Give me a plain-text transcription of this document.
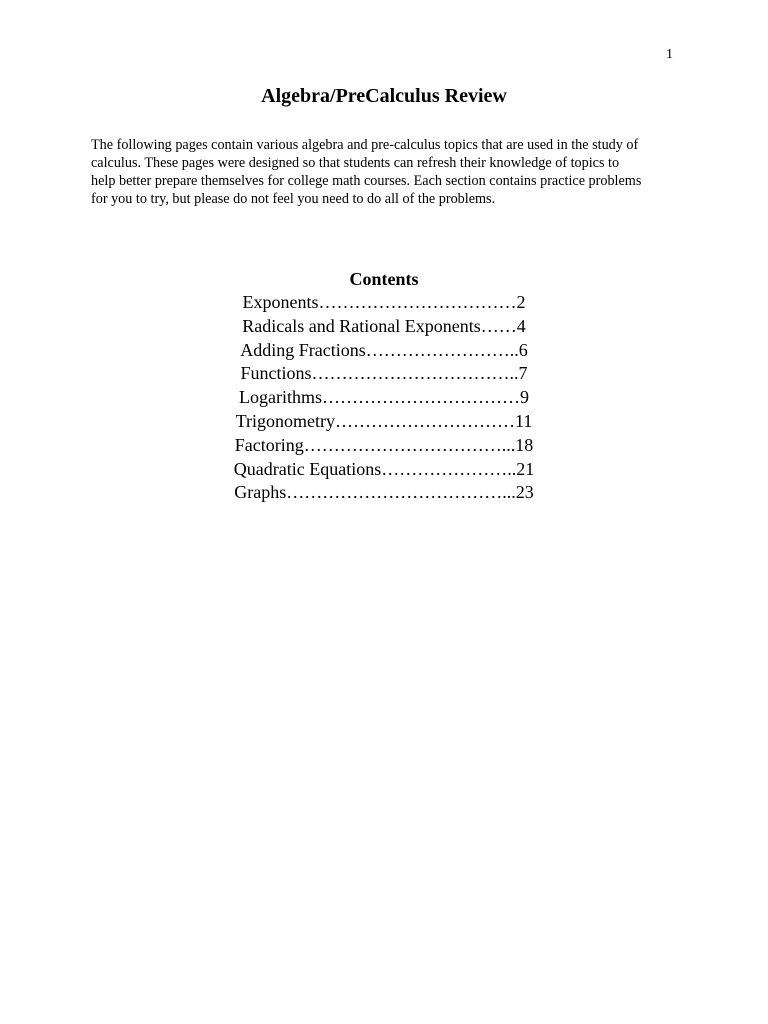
1
Algebra/PreCalculus Review

The following pages contain various algebra and pre-calculus topics that are used in the study of
calculus. These pages were designed so that students can refresh their knowledge of topics to
help better prepare themselves for college math courses. Each section contains practice problems
for you to try, but please do not feel you need to do all of the problems.

Contents
Exponents……………………………2
Radicals and Rational Exponents……4
Adding Fractions……………………..6
Functions……………………………..7
Logarithms……………………………9
Trigonometry…………………………11
Factoring……………………………...18
Quadratic Equations…………………..21
Graphs………………………………...23
